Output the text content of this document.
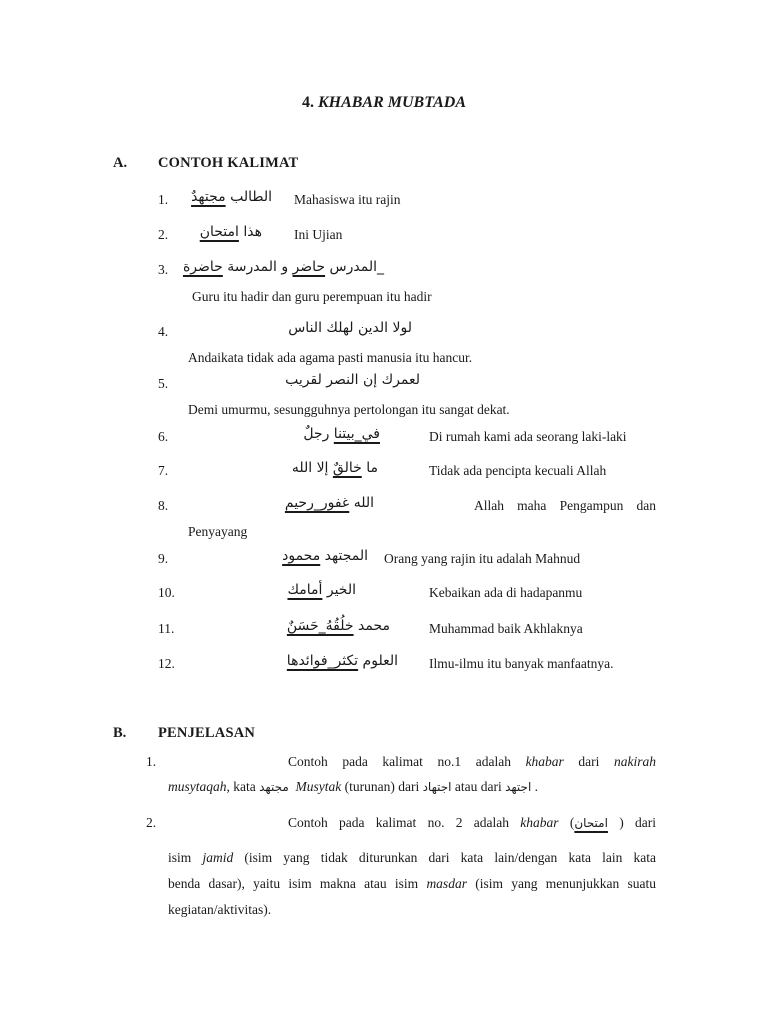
4. KHABAR MUBTADA
A. CONTOH KALIMAT
1.	الطالب مجتهدٌ	Mahasiswa itu rajin
2.	هذا امتحان	Ini Ujian
3.	_المدرس حاضر و المدرسة حاضرة
Guru itu hadir dan guru perempuan itu hadir
4.	لولا الدين لهلك الناس
Andaikata tidak ada agama pasti manusia itu hancur.
5.	لعمرك إن النصر لقريب
Demi umurmu, sesungguhnya pertolongan itu sangat dekat.
6.	في_بيتنا رجلٌ	Di rumah kami ada seorang laki-laki
7.	ما خالقٌ إلا الله	Tidak ada pencipta kecuali Allah
8.	الله غفور_رحيم	Allah maha Pengampun dan
Penyayang
9.	المجتهد محمود	Orang yang rajin itu adalah Mahnud
10.	الخير أمامك	Kebaikan ada di hadapanmu
11.	محمد خلُقُهُ_حَسَنٌ	Muhammad baik Akhlaknya
12.	العلوم تكثر_فوائدها	Ilmu-ilmu itu banyak manfaatnya.
B. PENJELASAN
1.	Contoh pada kalimat no.1 adalah khabar dari nakirah
musytaqah, kata مجتهد Musytak (turunan) dari اجتهاد atau dari اجتهد .
2.	Contoh pada kalimat no. 2 adalah khabar (امتحان ) dari
isim jamid (isim yang tidak diturunkan dari kata lain/dengan kata lain kata
benda dasar), yaitu isim makna atau isim masdar (isim yang menunjukkan suatu
kegiatan/aktivitas).
